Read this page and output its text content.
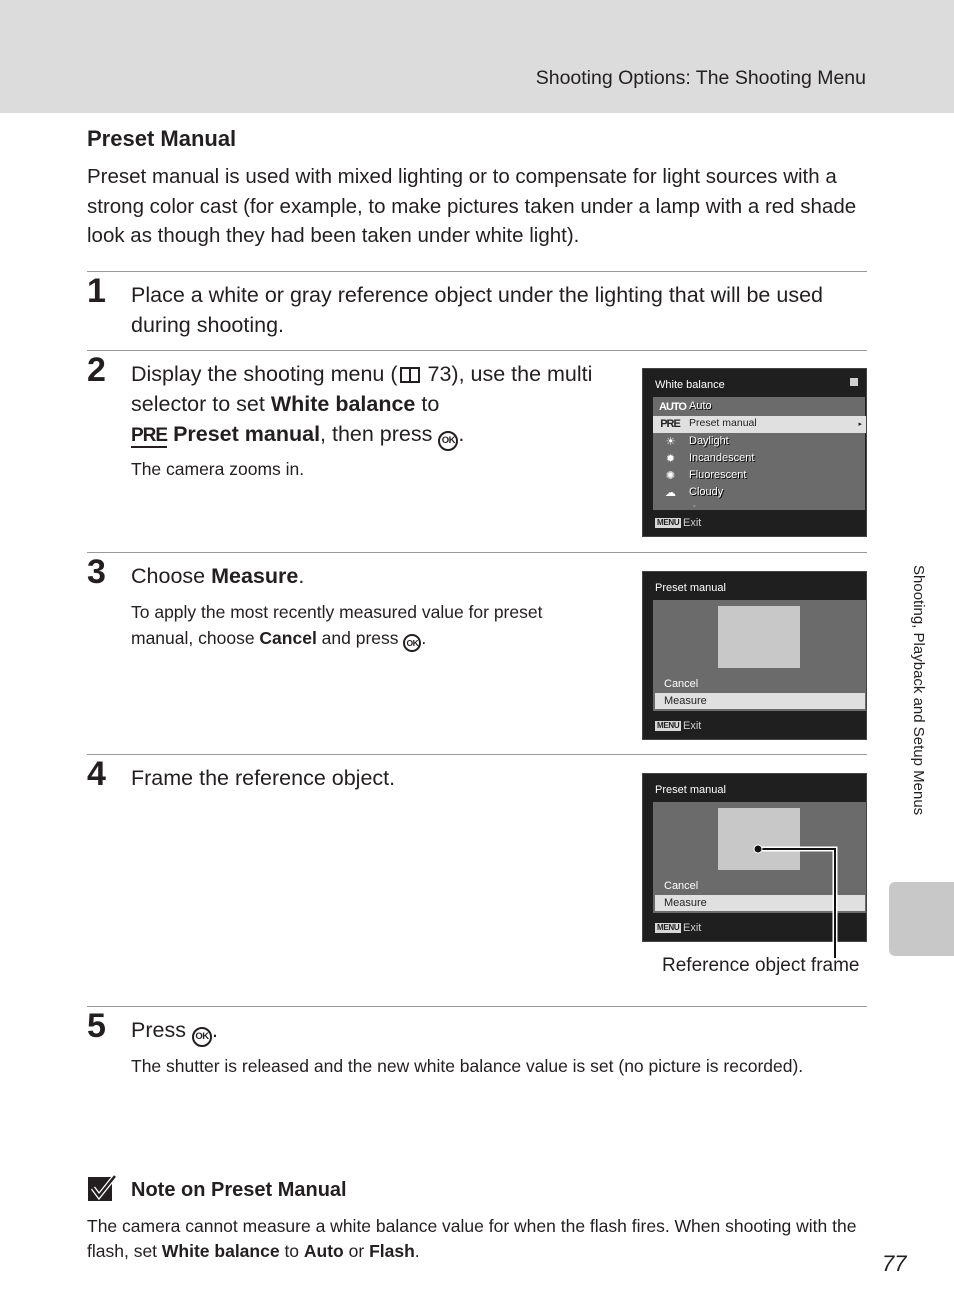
Shooting Options: The Shooting Menu
Shooting, Playback and Setup Menus
Preset Manual
Preset manual is used with mixed lighting or to compensate for light sources with a strong color cast (for example, to make pictures taken under a lamp with a red shade look as though they had been taken under white light).
1 Place a white or gray reference object under the lighting that will be used during shooting.
2 Display the shooting menu ( 73), use the multi selector to set White balance to
PRE Preset manual, then press OK .
The camera zooms in.
White balance
AUTO Auto
PRE Preset manual	▸
☀	Daylight
✹	Incandescent
✺	Fluorescent
☁	Cloudy
◦
MENU Exit
3 Choose Measure.
To apply the most recently measured value for preset manual, choose Cancel and press OK .
Preset manual
Cancel
Measure
MENU Exit
4 Frame the reference object.	Preset manual
Cancel
Measure
MENU Exit
Reference object frame
5 Press OK .
The shutter is released and the new white balance value is set (no picture is recorded).
Note on Preset Manual
The camera cannot measure a white balance value for when the flash fires. When shooting with the flash, set White balance to Auto or Flash.	77
